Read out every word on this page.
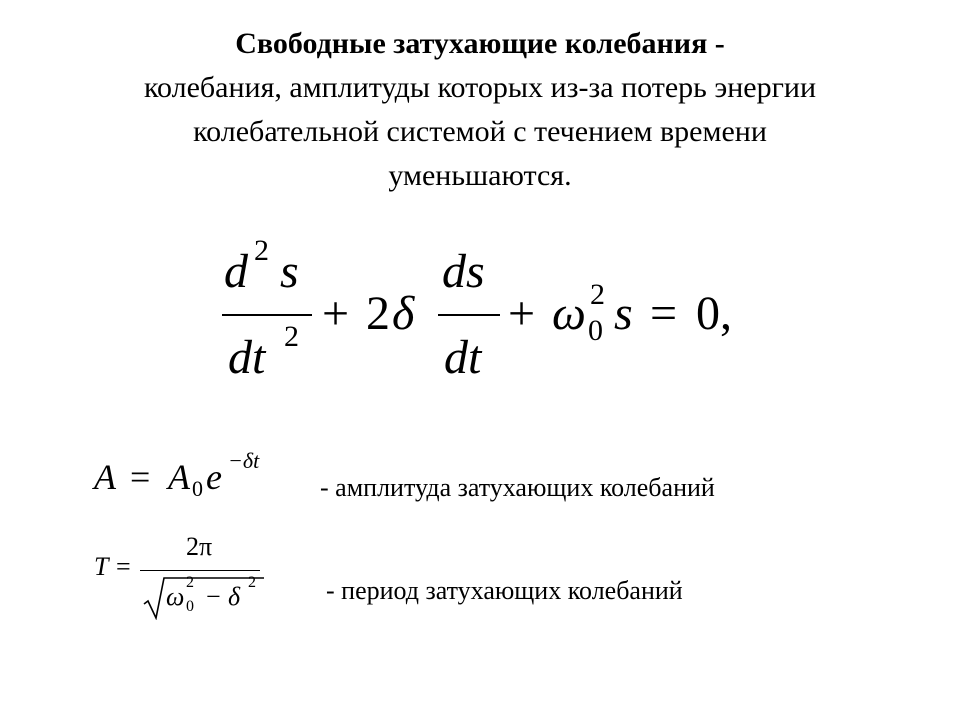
Свободные затухающие колебания -
колебания, амплитуды которых из-за потерь энергии
колебательной системой с течением времени
уменьшаются.
d 2 s
dt 2 + 2 δ
ds
dt
+ ω 2
0 s = 0,
A = A 0 e −δt
- амплитуда затухающих колебаний
T =
2π
ω 2
0 − δ 2	- период затухающих колебаний
